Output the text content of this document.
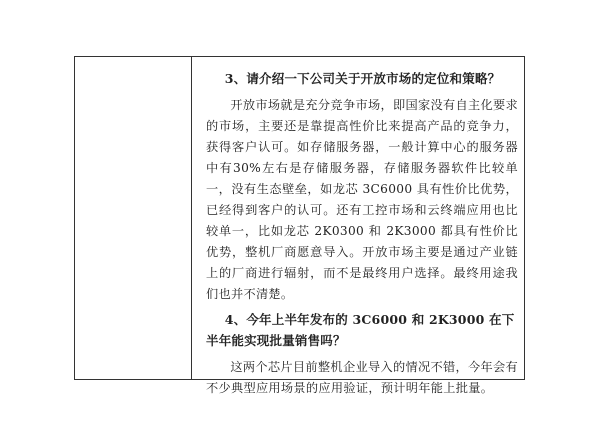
3、请介绍一下公司关于开放市场的定位和策略？

开放市场就是充分竞争市场，即国家没有自主化要求的市场，主要还是靠提高性价比来提高产品的竞争力，获得客户认可。如存储服务器，一般计算中心的服务器中有30%左右是存储服务器，存储服务器软件比较单一，没有生态壁垒，如龙芯 3C6000 具有性价比优势，已经得到客户的认可。还有工控市场和云终端应用也比较单一，比如龙芯 2K0300 和 2K3000 都具有性价比优势，整机厂商愿意导入。开放市场主要是通过产业链上的厂商进行辐射，而不是最终用户选择。最终用途我们也并不清楚。

4、今年上半年发布的 3C6000 和 2K3000 在下半年能实现批量销售吗？

这两个芯片目前整机企业导入的情况不错，今年会有不少典型应用场景的应用验证，预计明年能上批量。
